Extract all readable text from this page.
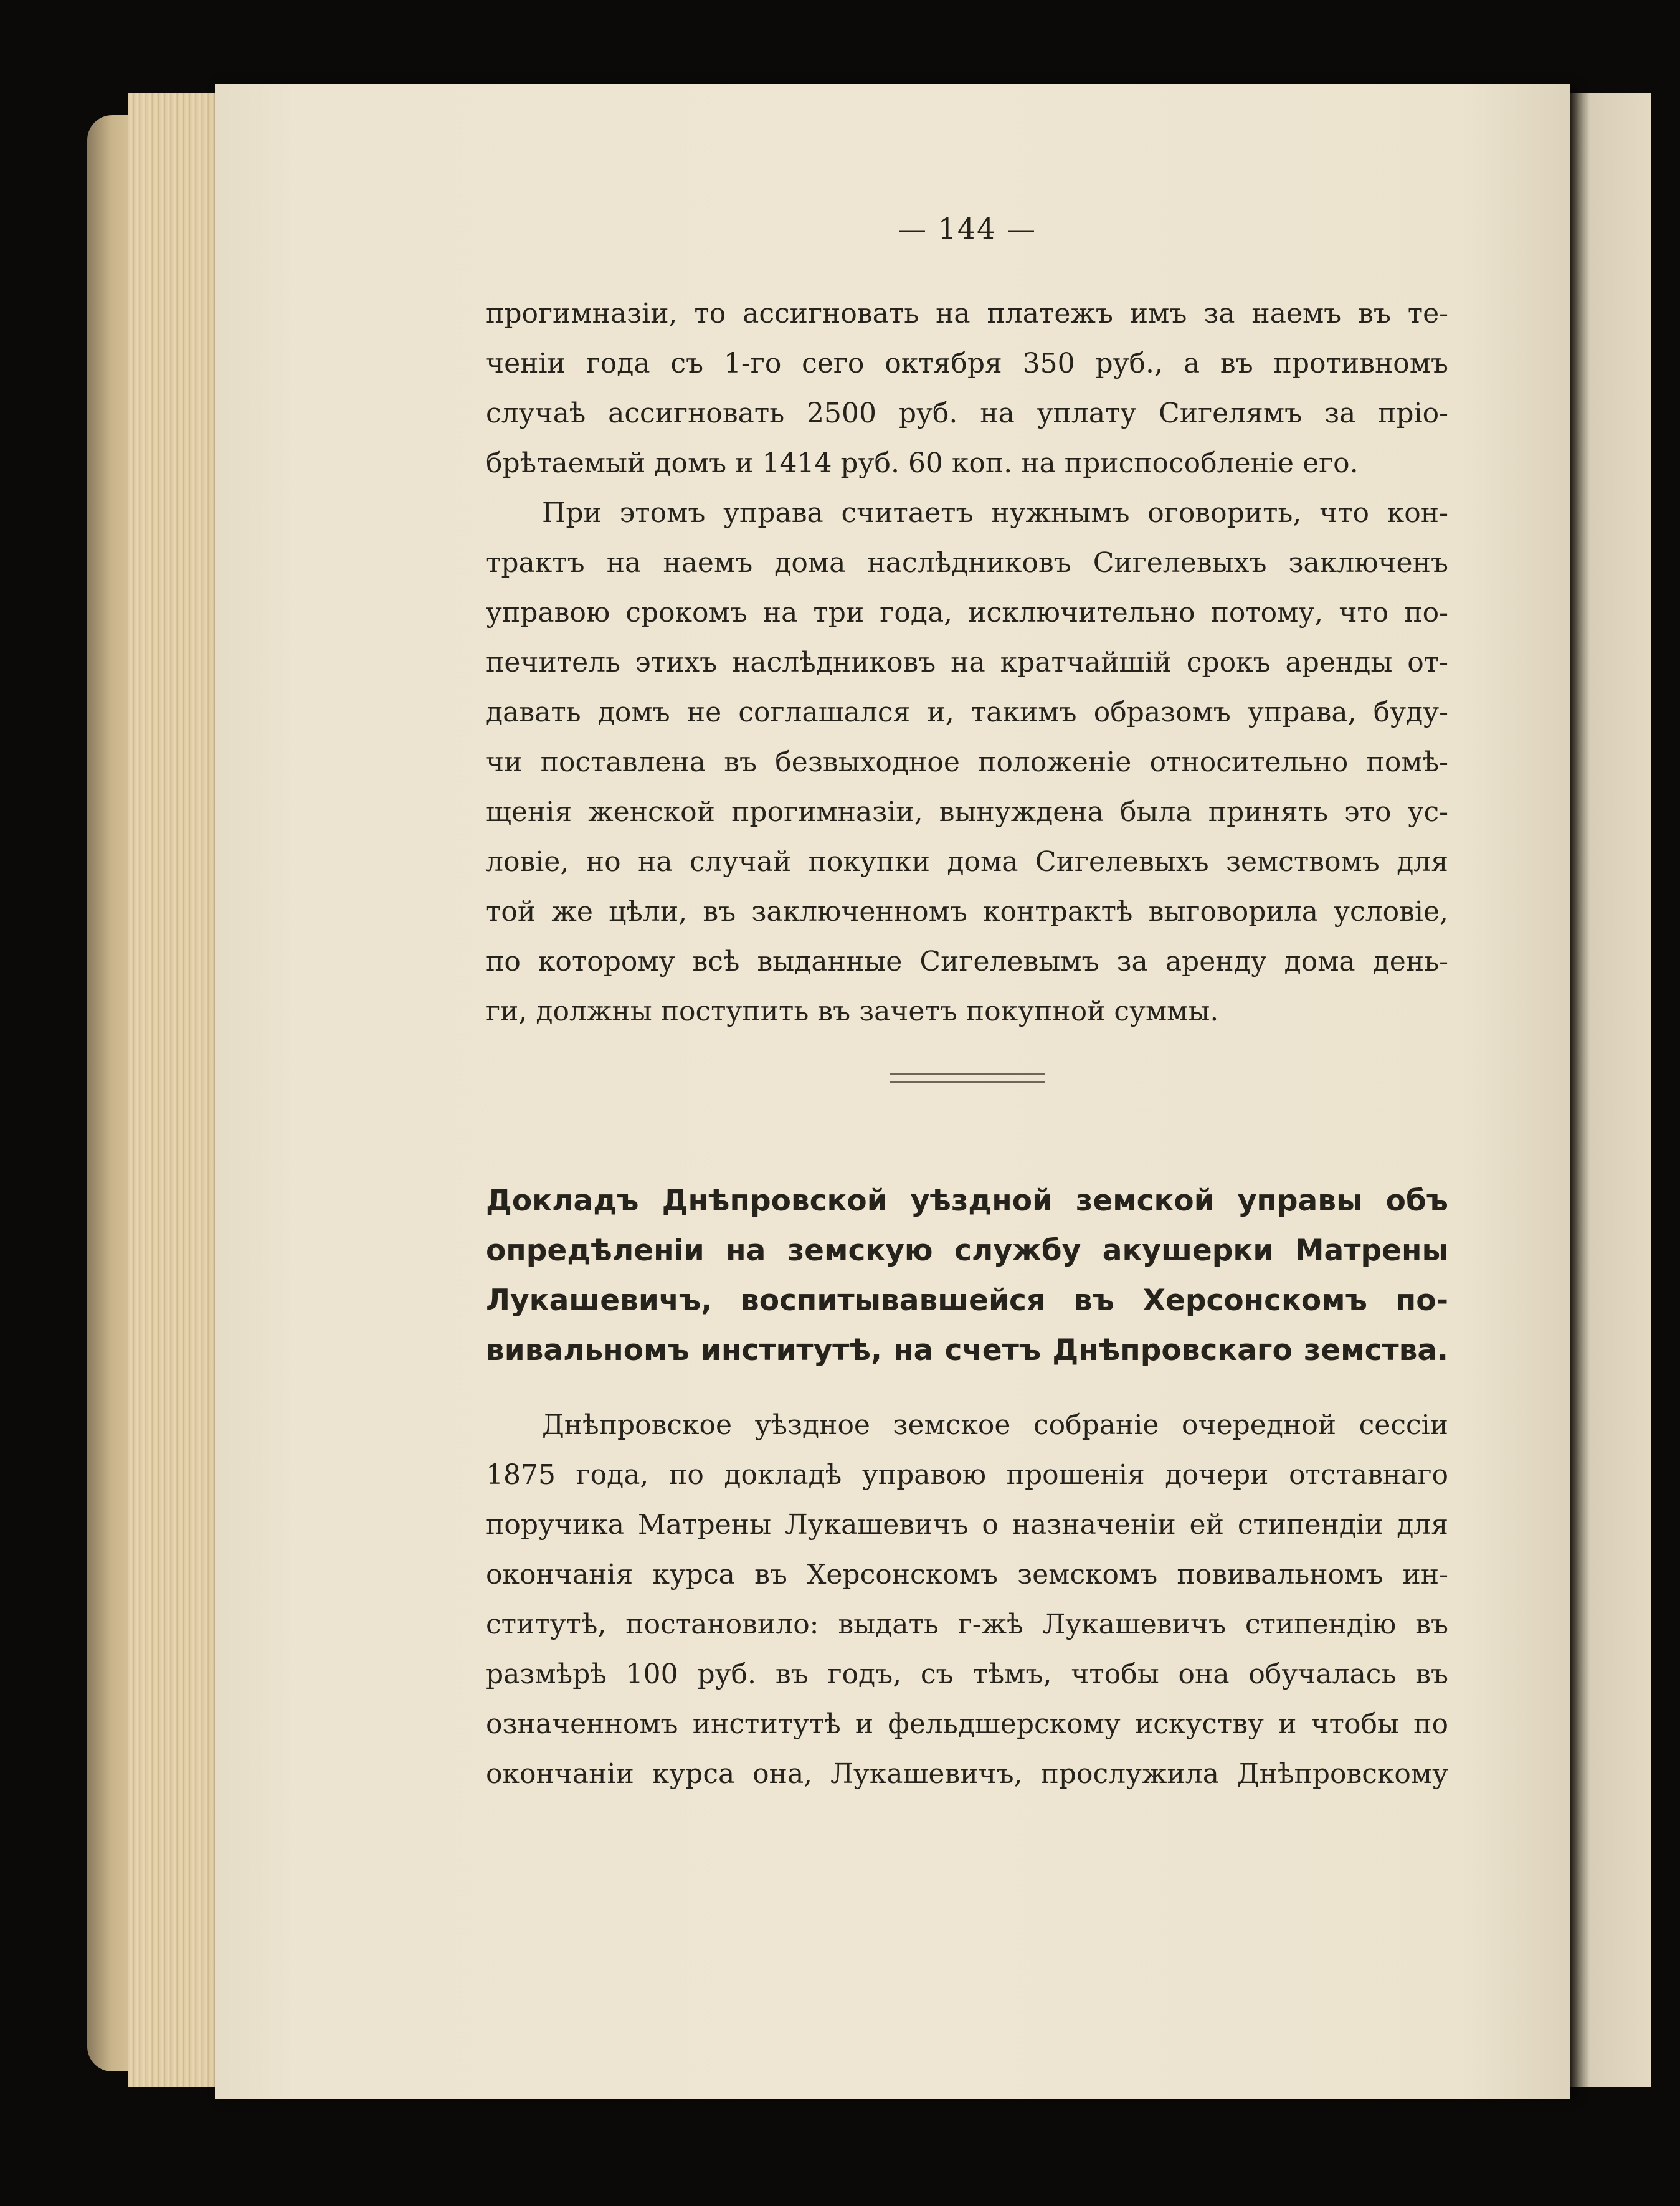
— 144 —
прогимназіи, то ассигновать на платежъ имъ за наемъ въ те-
ченіи года съ 1-го сего октября 350 руб., а въ противномъ
случаѣ ассигновать 2500 руб. на уплату Сигелямъ за пріо-
брѣтаемый домъ и 1414 руб. 60 коп. на приспособленіе его.
При этомъ управа считаетъ нужнымъ оговорить, что кон-
трактъ на наемъ дома наслѣдниковъ Сигелевыхъ заключенъ
управою срокомъ на три года, исключительно потому, что по-
печитель этихъ наслѣдниковъ на кратчайшій срокъ аренды от-
давать домъ не соглашался и, такимъ образомъ управа, буду-
чи поставлена въ безвыходное положеніе относительно помѣ-
щенія женской прогимназіи, вынуждена была принять это ус-
ловіе, но на случай покупки дома Сигелевыхъ земствомъ для
той же цѣли, въ заключенномъ контрактѣ выговорила условіе,
по которому всѣ выданные Сигелевымъ за аренду дома день-
ги, должны поступить въ зачетъ покупной суммы.
Докладъ Днѣпровской уѣздной земской управы объ
опредѣленіи на земскую службу акушерки Матрены
Лукашевичъ, воспитывавшейся въ Херсонскомъ по-
вивальномъ институтѣ, на счетъ Днѣпровскаго земства.
Днѣпровское уѣздное земское собраніе очередной сессіи
1875 года, по докладѣ управою прошенія дочери отставнаго
поручика Матрены Лукашевичъ о назначеніи ей стипендіи для
окончанія курса въ Херсонскомъ земскомъ повивальномъ ин-
ститутѣ, постановило: выдать г-жѣ Лукашевичъ стипендію въ
размѣрѣ 100 руб. въ годъ, съ тѣмъ, чтобы она обучалась въ
означенномъ институтѣ и фельдшерскому искуству и чтобы по
окончаніи курса она, Лукашевичъ, прослужила Днѣпровскому
